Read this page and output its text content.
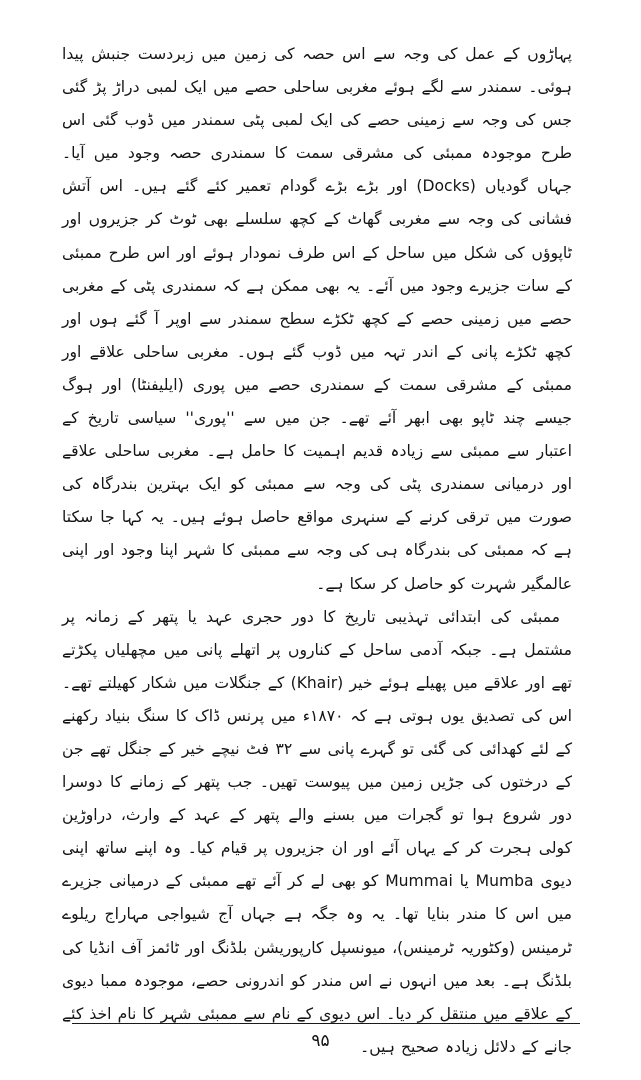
پہاڑوں کے عمل کی وجہ سے اس حصہ کی زمین میں زبردست جنبش پیدا ہوئی۔ سمندر سے لگے ہوئے مغربی ساحلی حصے میں ایک لمبی دراڑ پڑ گئی جس کی وجہ سے زمینی حصے کی ایک لمبی پٹی سمندر میں ڈوب گئی اس طرح موجودہ ممبئی کی مشرقی سمت کا سمندری حصہ وجود میں آیا۔ جہاں گودیاں (Docks) اور بڑے بڑے گودام تعمیر کئے گئے ہیں۔ اس آتش فشانی کی وجہ سے مغربی گھاٹ کے کچھ سلسلے بھی ٹوٹ کر جزیروں اور ٹاپوؤں کی شکل میں ساحل کے اس طرف نمودار ہوئے اور اس طرح ممبئی کے سات جزیرے وجود میں آئے۔ یہ بھی ممکن ہے کہ سمندری پٹی کے مغربی حصے میں زمینی حصے کے کچھ ٹکڑے سطح سمندر سے اوپر آ گئے ہوں اور کچھ ٹکڑے پانی کے اندر تہہ میں ڈوب گئے ہوں۔ مغربی ساحلی علاقے اور ممبئی کے مشرقی سمت کے سمندری حصے میں پوری (ایلیفنٹا) اور ہوگ جیسے چند ٹاپو بھی ابھر آئے تھے۔ جن میں سے ''پوری'' سیاسی تاریخ کے اعتبار سے ممبئی سے زیادہ قدیم اہمیت کا حامل ہے۔ مغربی ساحلی علاقے اور درمیانی سمندری پٹی کی وجہ سے ممبئی کو ایک بہترین بندرگاہ کی صورت میں ترقی کرنے کے سنہری مواقع حاصل ہوئے ہیں۔ یہ کہا جا سکتا ہے کہ ممبئی کی بندرگاہ ہی کی وجہ سے ممبئی کا شہر اپنا وجود اور اپنی عالمگیر شہرت کو حاصل کر سکا ہے۔

ممبئی کی ابتدائی تہذیبی تاریخ کا دور حجری عہد یا پتھر کے زمانہ پر مشتمل ہے۔ جبکہ آدمی ساحل کے کناروں پر اتھلے پانی میں مچھلیاں پکڑتے تھے اور علاقے میں پھیلے ہوئے خیر (Khair) کے جنگلات میں شکار کھیلتے تھے۔ اس کی تصدیق یوں ہوتی ہے کہ ۱۸۷۰ء میں پرنس ڈاک کا سنگ بنیاد رکھنے کے لئے کھدائی کی گئی تو گہرے پانی سے ۳۲ فٹ نیچے خیر کے جنگل تھے جن کے درختوں کی جڑیں زمین میں پیوست تھیں۔ جب پتھر کے زمانے کا دوسرا دور شروع ہوا تو گجرات میں بسنے والے پتھر کے عہد کے وارث، دراوڑین کولی ہجرت کر کے یہاں آئے اور ان جزیروں پر قیام کیا۔ وہ اپنے ساتھ اپنی دیوی Mumba یا Mummai کو بھی لے کر آئے تھے ممبئی کے درمیانی جزیرے میں اس کا مندر بنایا تھا۔ یہ وہ جگہ ہے جہاں آج شیواجی مہاراج ریلوے ٹرمینس (وکٹوریہ ٹرمینس)، میونسپل کارپوریشن بلڈنگ اور ٹائمز آف انڈیا کی بلڈنگ ہے۔ بعد میں انہوں نے اس مندر کو اندرونی حصے، موجودہ ممبا دیوی کے علاقے میں منتقل کر دیا۔ اس دیوی کے نام سے ممبئی شہر کا نام اخذ کئے جانے کے دلائل زیادہ صحیح ہیں۔

۹۵
